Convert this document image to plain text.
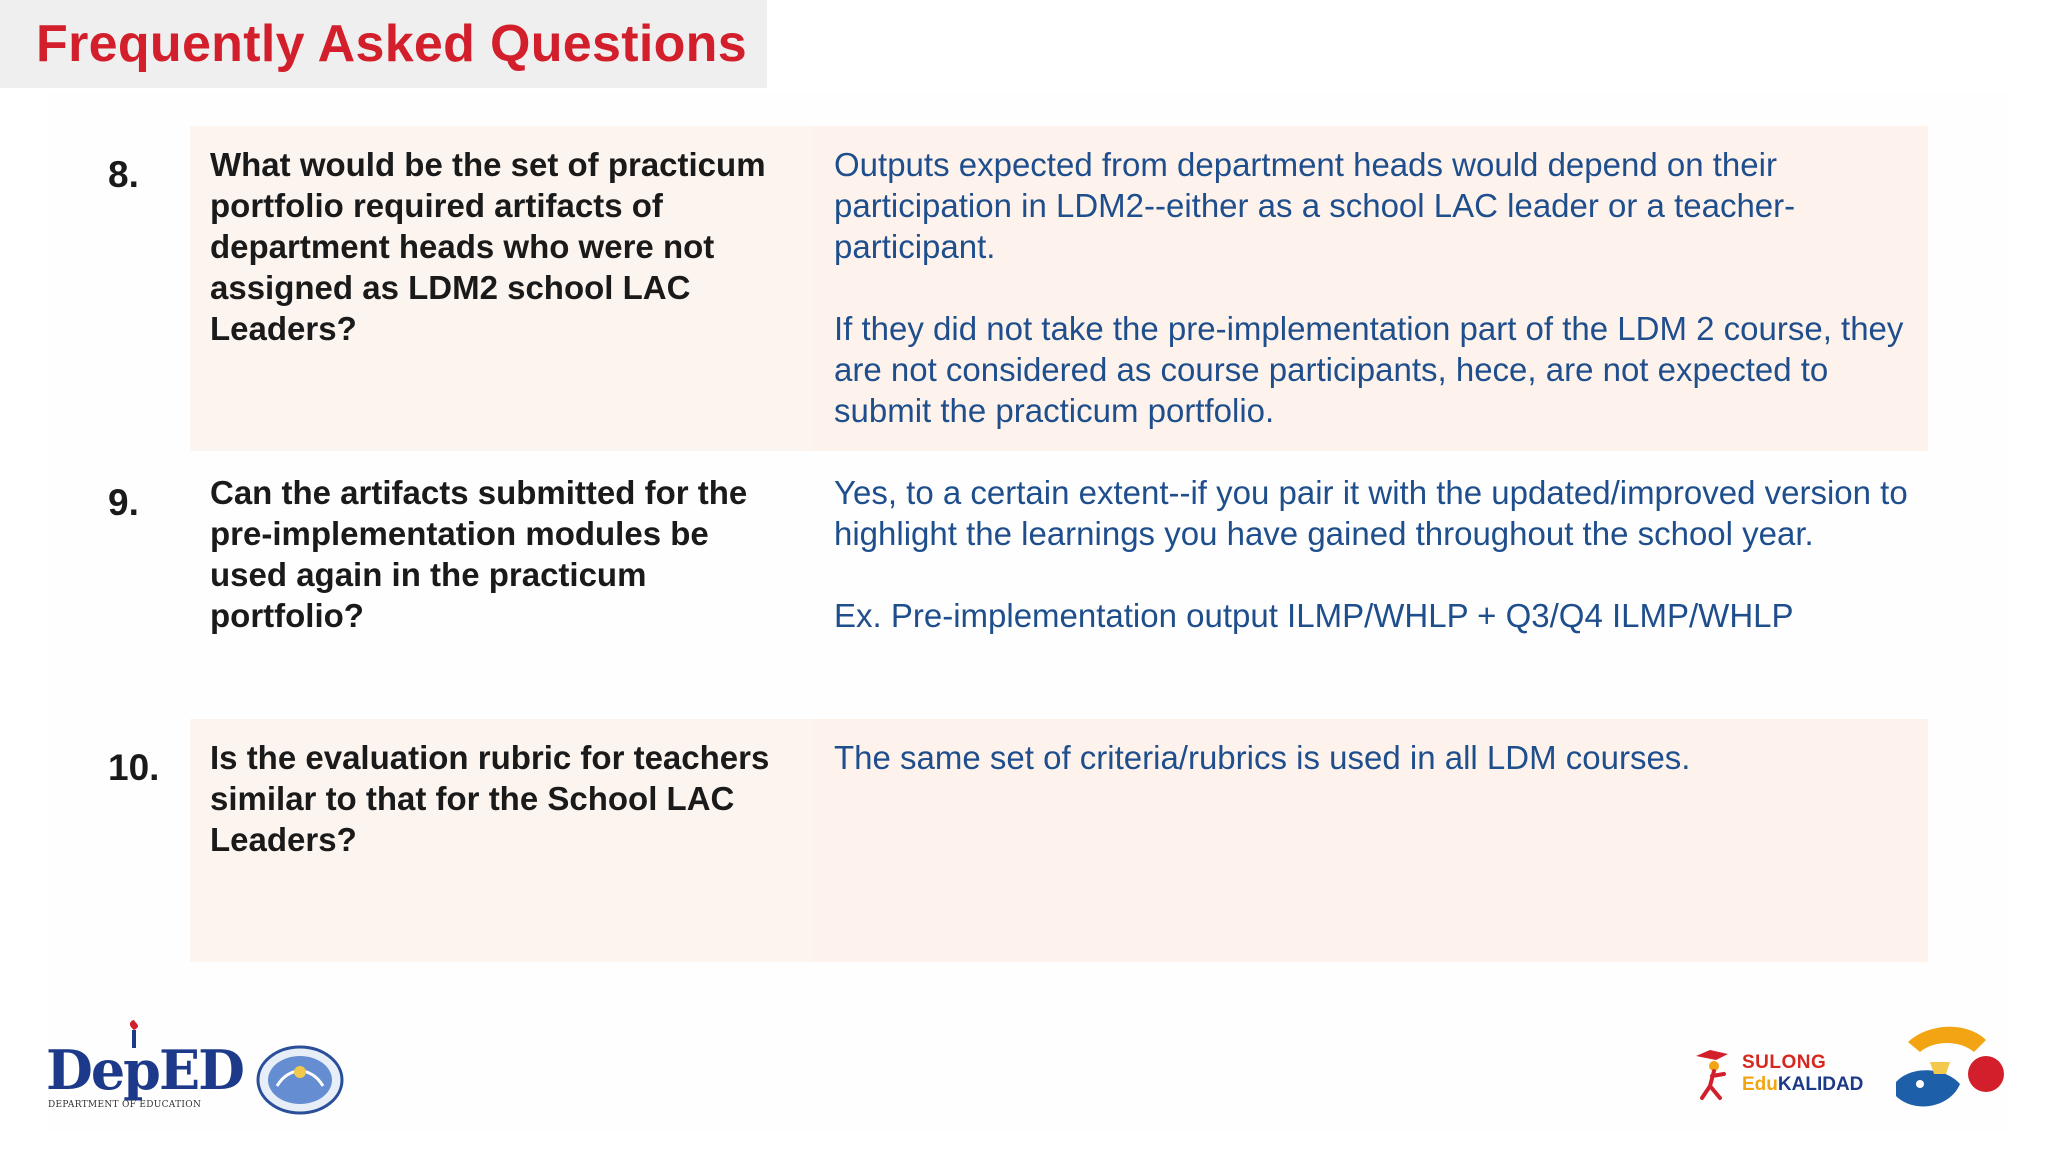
Frequently Asked Questions
8. What would be the set of practicum portfolio required artifacts of department heads who were not assigned as LDM2 school LAC Leaders?
Outputs expected from department heads would depend on their participation in LDM2--either as a school LAC leader or a teacher-participant.
If they did not take the pre-implementation part of the LDM 2 course, they are not considered as course participants, hece, are not expected to submit the practicum portfolio.
9. Can the artifacts submitted for the pre-implementation modules be used again in the practicum portfolio?
Yes, to a certain extent--if you pair it with the updated/improved version to highlight the learnings you have gained throughout the school year.
Ex. Pre-implementation output ILMP/WHLP + Q3/Q4 ILMP/WHLP
10. Is the evaluation rubric for teachers similar to that for the School LAC Leaders?
The same set of criteria/rubrics is used in all LDM courses.
DepED
DEPARTMENT OF EDUCATION
SULONG
EduKALIDAD
